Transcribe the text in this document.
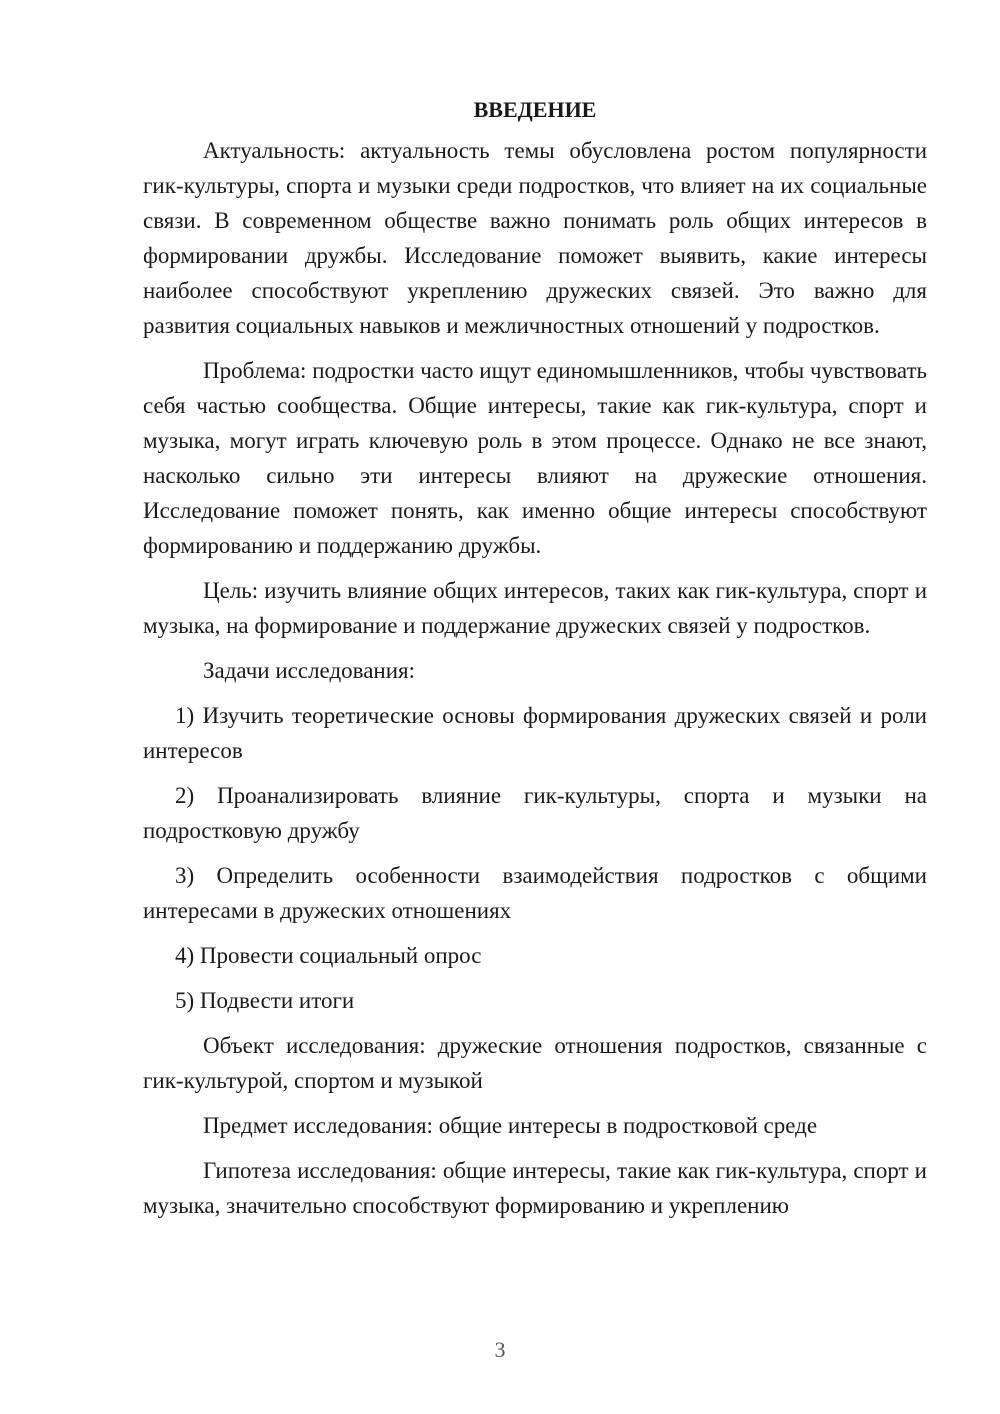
ВВЕДЕНИЕ

Актуальность: актуальность темы обусловлена ростом популярности гик-культуры, спорта и музыки среди подростков, что влияет на их социальные связи. В современном обществе важно понимать роль общих интересов в формировании дружбы. Исследование поможет выявить, какие интересы наиболее способствуют укреплению дружеских связей. Это важно для развития социальных навыков и межличностных отношений у подростков.

Проблема: подростки часто ищут единомышленников, чтобы чувствовать себя частью сообщества. Общие интересы, такие как гик-культура, спорт и музыка, могут играть ключевую роль в этом процессе. Однако не все знают, насколько сильно эти интересы влияют на дружеские отношения. Исследование поможет понять, как именно общие интересы способствуют формированию и поддержанию дружбы.

Цель: изучить влияние общих интересов, таких как гик-культура, спорт и музыка, на формирование и поддержание дружеских связей у подростков.

Задачи исследования:

1) Изучить теоретические основы формирования дружеских связей и роли интересов

2) Проанализировать влияние гик-культуры, спорта и музыки на подростковую дружбу

3) Определить особенности взаимодействия подростков с общими интересами в дружеских отношениях

4) Провести социальный опрос

5) Подвести итоги

Объект исследования: дружеские отношения подростков, связанные с гик-культурой, спортом и музыкой

Предмет исследования: общие интересы в подростковой среде

Гипотеза исследования: общие интересы, такие как гик-культура, спорт и музыка, значительно способствуют формированию и укреплению

3
